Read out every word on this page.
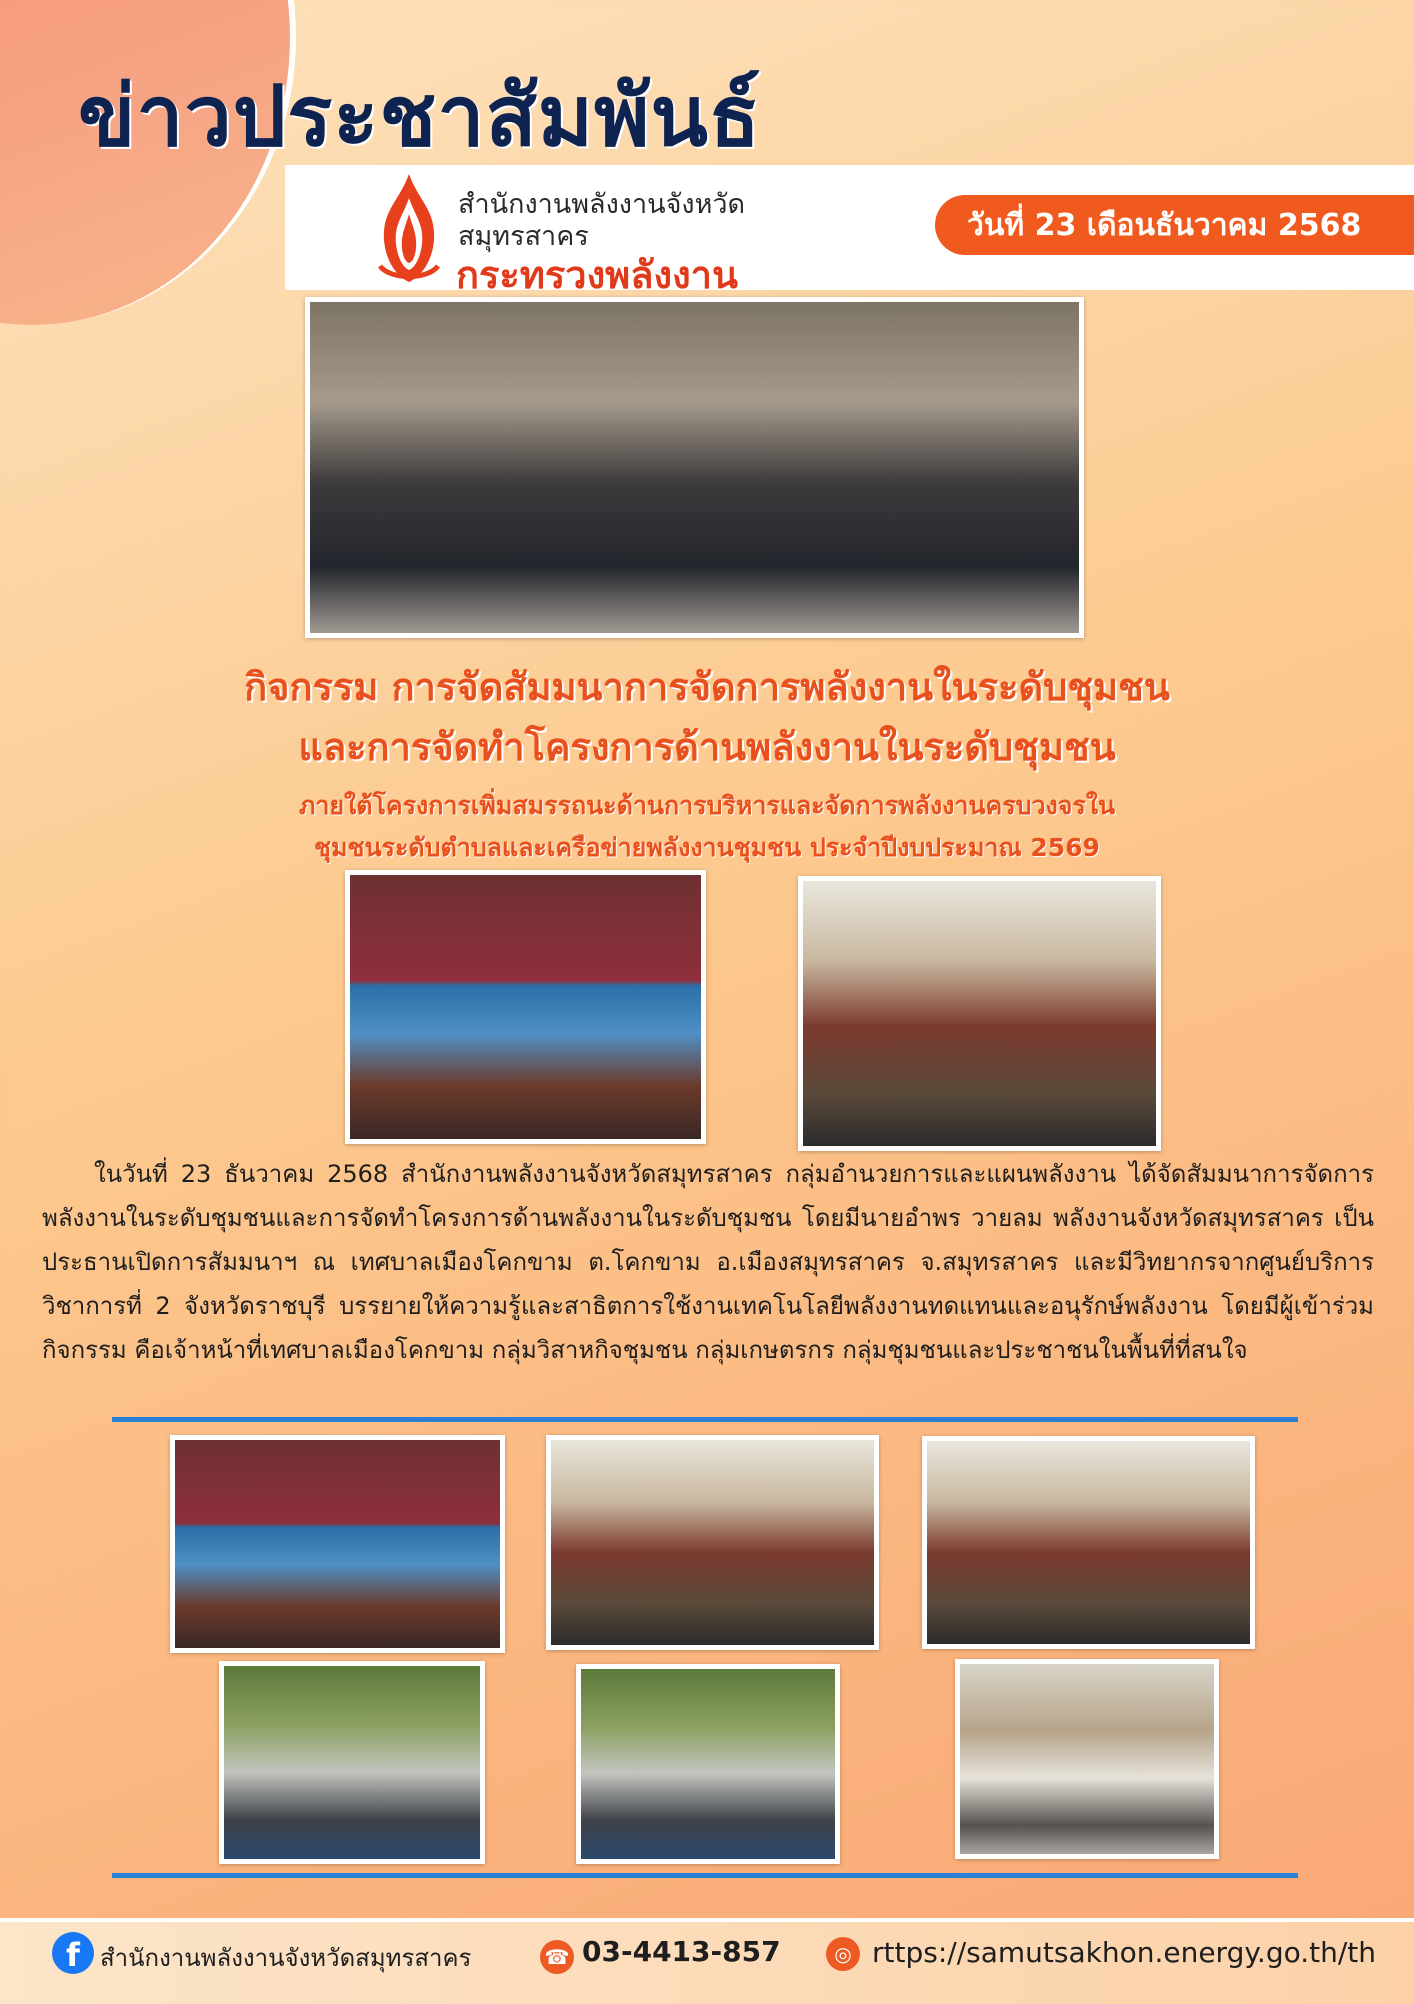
ข่าวประชาสัมพันธ์
สำนักงานพลังงานจังหวัด
สมุทรสาคร
กระทรวงพลังงาน
วันที่ 23 เดือนธันวาคม 2568
กิจกรรม การจัดสัมมนาการจัดการพลังงานในระดับชุมชน
และการจัดทำโครงการด้านพลังงานในระดับชุมชน
ภายใต้โครงการเพิ่มสมรรถนะด้านการบริหารและจัดการพลังงานครบวงจรใน
ชุมชนระดับตำบลและเครือข่ายพลังงานชุมชน ประจำปีงบประมาณ 2569

ในวันที่ 23 ธันวาคม 2568 สำนักงานพลังงานจังหวัดสมุทรสาคร กลุ่มอำนวยการและแผนพลังงาน ได้จัดสัมมนาการจัดการพลังงานในระดับชุมชนและการจัดทำโครงการด้านพลังงานในระดับชุมชน โดยมีนายอำพร วายลม พลังงานจังหวัดสมุทรสาคร เป็นประธานเปิดการสัมมนาฯ ณ เทศบาลเมืองโคกขาม ต.โคกขาม อ.เมืองสมุทรสาคร จ.สมุทรสาคร และมีวิทยากรจากศูนย์บริการวิชาการที่ 2 จังหวัดราชบุรี บรรยายให้ความรู้และสาธิตการใช้งานเทคโนโลยีพลังงานทดแทนและอนุรักษ์พลังงาน โดยมีผู้เข้าร่วมกิจกรรม คือเจ้าหน้าที่เทศบาลเมืองโคกขาม กลุ่มวิสาหกิจชุมชน กลุ่มเกษตรกร กลุ่มชุมชนและประชาชนในพื้นที่ที่สนใจ

f สำนักงานพลังงานจังหวัดสมุทรสาคร	☎ 03-4413-857	◎ rttps://samutsakhon.energy.go.th/th
